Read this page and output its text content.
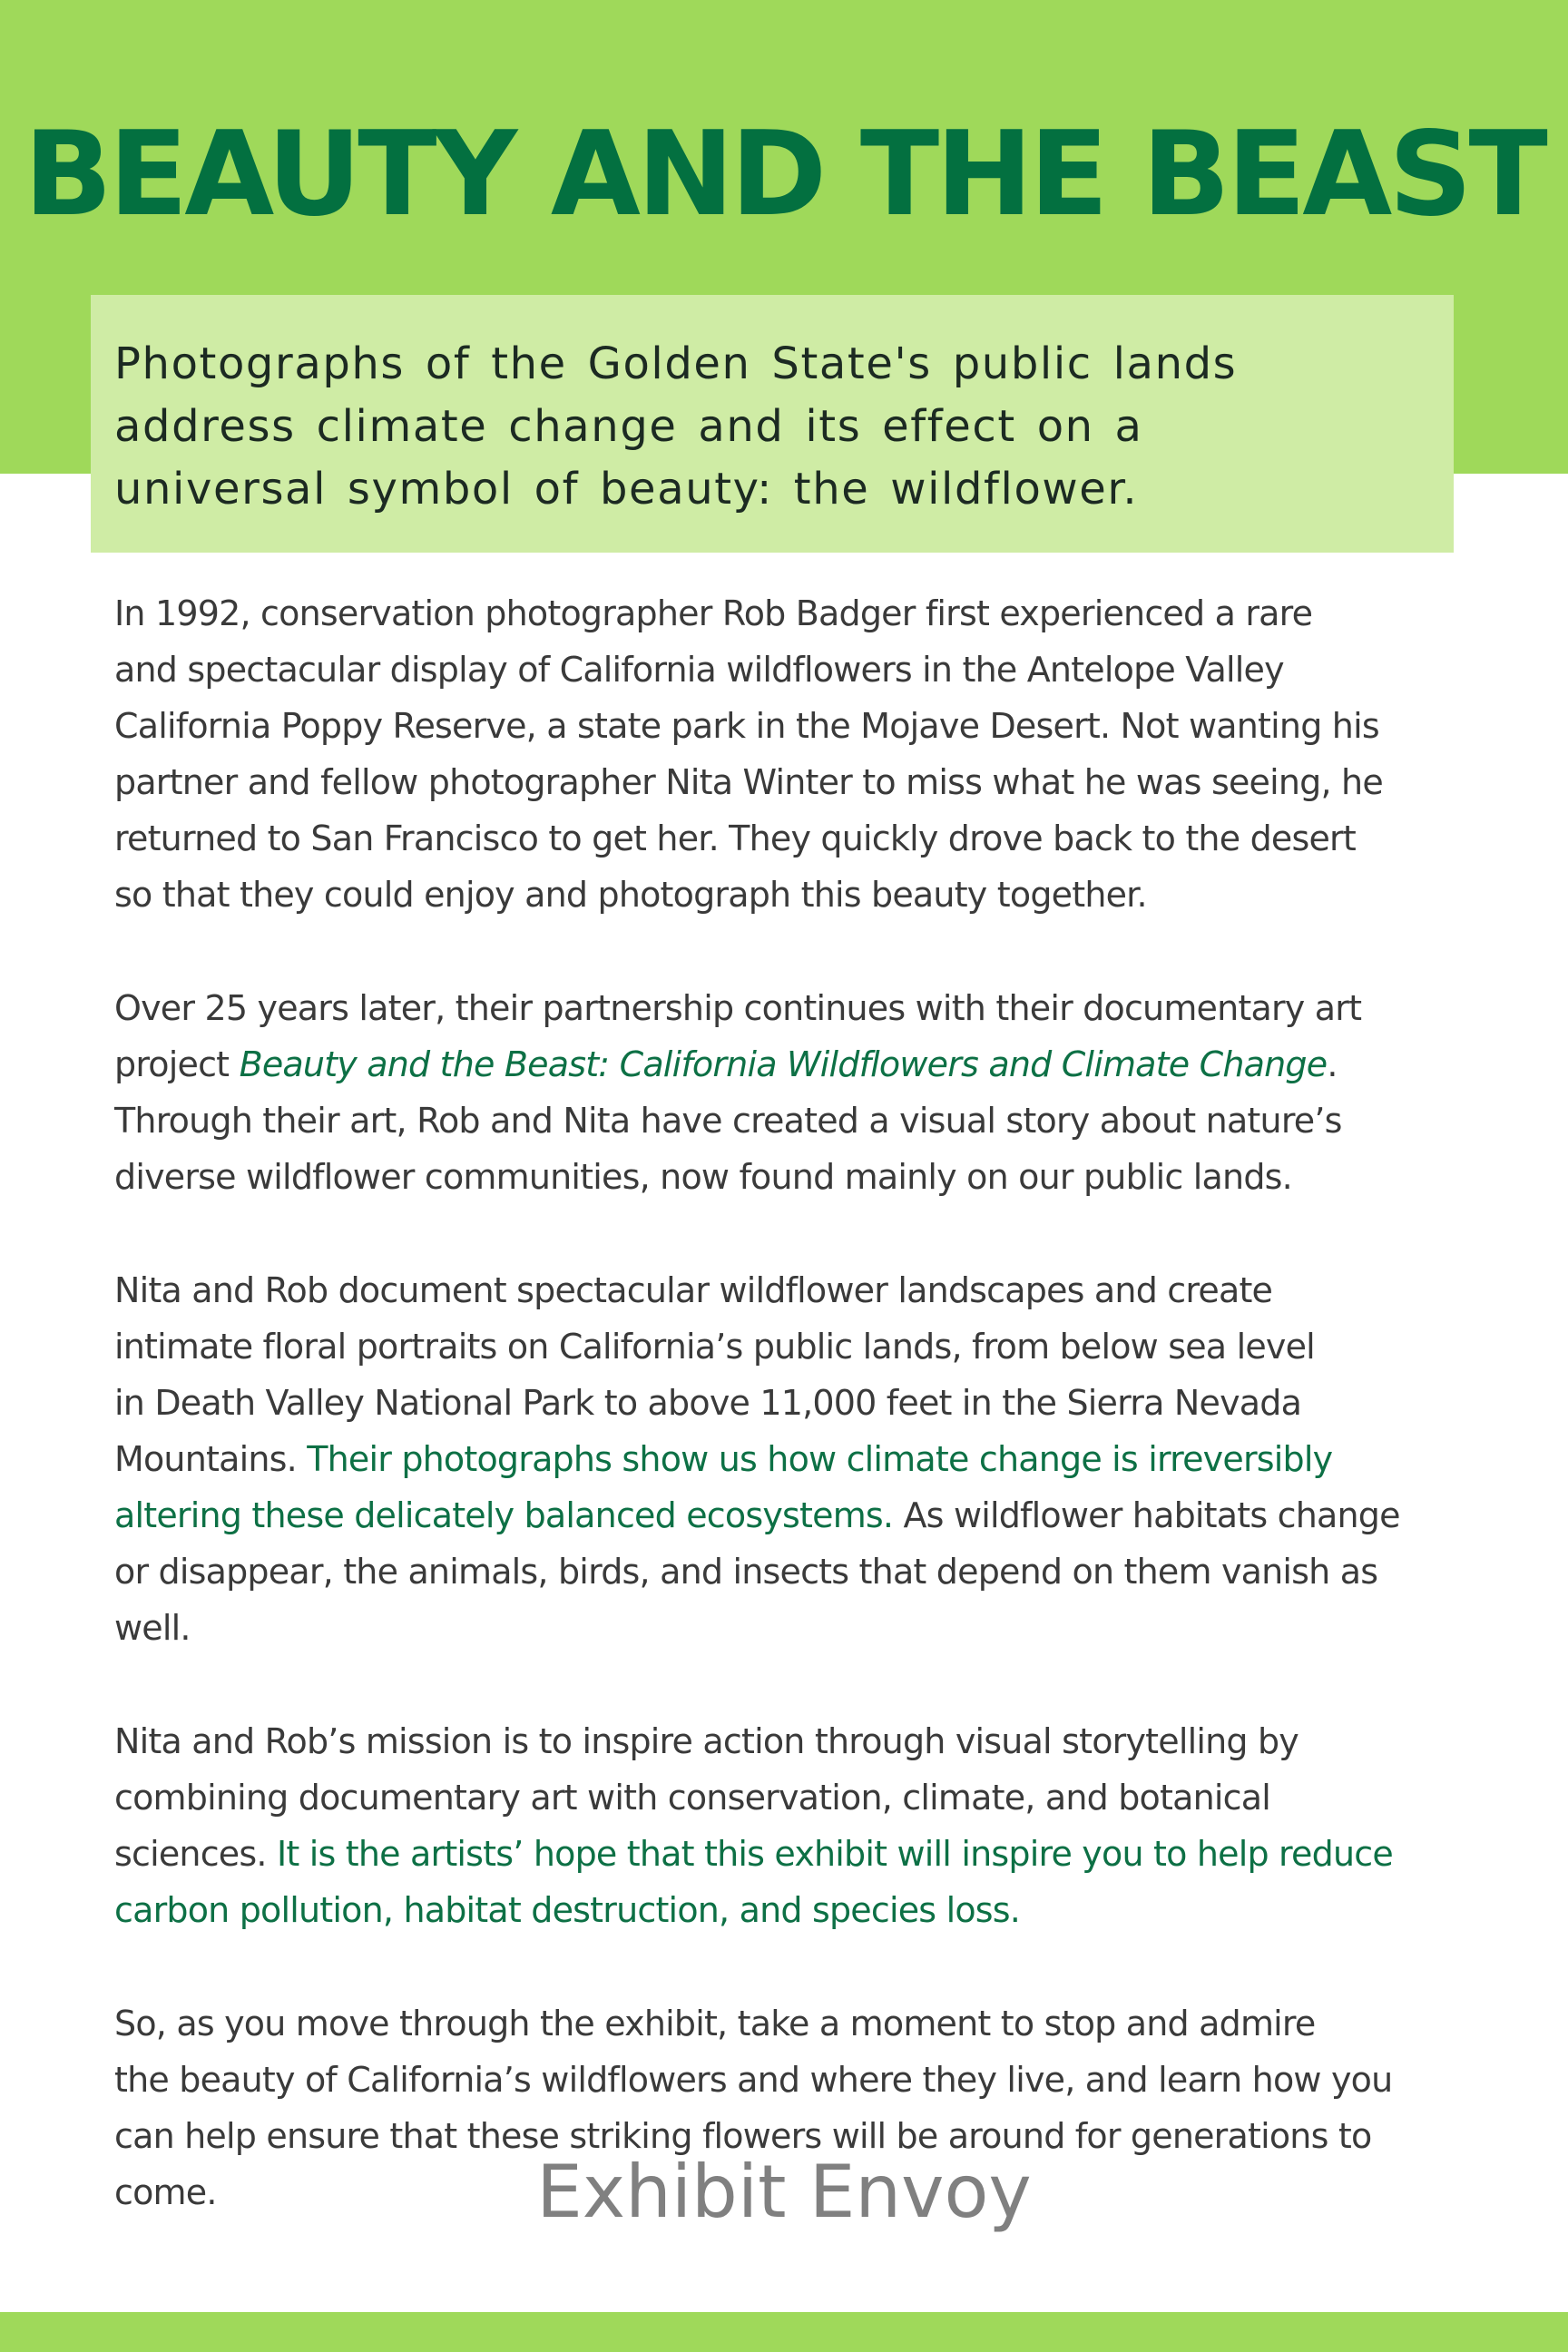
BEAUTY AND THE BEAST

Photographs of the Golden State's public lands
address climate change and its effect on a
universal symbol of beauty: the wildflower.

In 1992, conservation photographer Rob Badger first experienced a rare
and spectacular display of California wildflowers in the Antelope Valley
California Poppy Reserve, a state park in the Mojave Desert. Not wanting his
partner and fellow photographer Nita Winter to miss what he was seeing, he
returned to San Francisco to get her. They quickly drove back to the desert
so that they could enjoy and photograph this beauty together.

Over 25 years later, their partnership continues with their documentary art
project Beauty and the Beast: California Wildflowers and Climate Change.
Through their art, Rob and Nita have created a visual story about nature’s
diverse wildflower communities, now found mainly on our public lands.

Nita and Rob document spectacular wildflower landscapes and create
intimate floral portraits on California’s public lands, from below sea level
in Death Valley National Park to above 11,000 feet in the Sierra Nevada
Mountains. Their photographs show us how climate change is irreversibly
altering these delicately balanced ecosystems. As wildflower habitats change
or disappear, the animals, birds, and insects that depend on them vanish as
well.

Nita and Rob’s mission is to inspire action through visual storytelling by
combining documentary art with conservation, climate, and botanical
sciences. It is the artists’ hope that this exhibit will inspire you to help reduce
carbon pollution, habitat destruction, and species loss.

So, as you move through the exhibit, take a moment to stop and admire
the beauty of California’s wildflowers and where they live, and learn how you
can help ensure that these striking flowers will be around for generations to
come.	Exhibit Envoy
